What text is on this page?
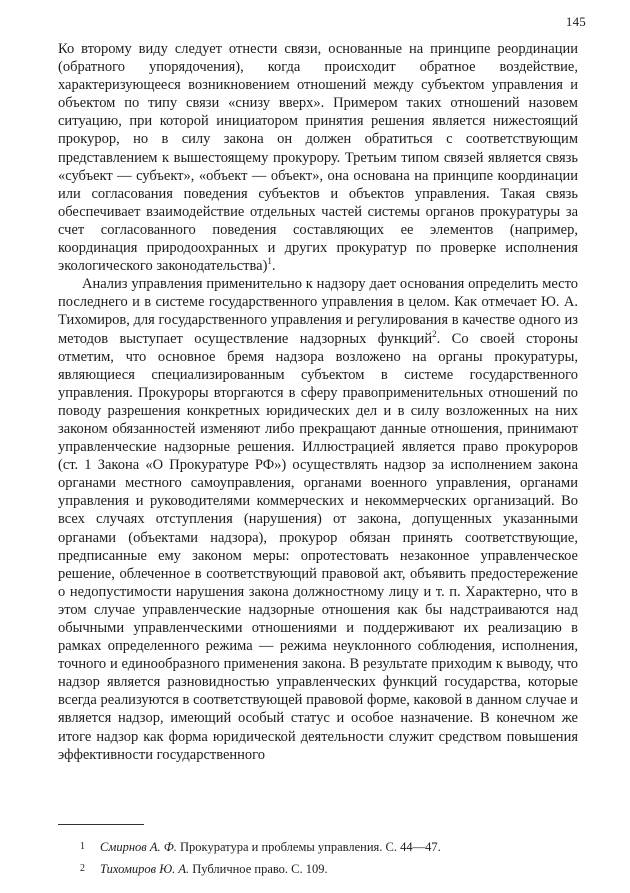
145

Ко второму виду следует отнести связи, основанные на принципе реординации (обратного упорядочения), когда происходит обратное воздействие, характеризующееся возникновением отношений между субъектом управления и объектом по типу связи «снизу вверх». Примером таких отношений назовем ситуацию, при которой инициатором принятия решения является нижестоящий прокурор, но в силу закона он должен обратиться с соответствующим представлением к вышестоящему прокурору. Третьим типом связей является связь «субъект — субъект», «объект — объект», она основана на принципе координации или согласования поведения субъектов и объектов управления. Такая связь обеспечивает взаимодействие отдельных частей системы органов прокуратуры за счет согласованного поведения составляющих ее элементов (например, координация природоохранных и других прокуратур по проверке исполнения экологического законодательства)$^1$.

Анализ управления применительно к надзору дает основания определить место последнего и в системе государственного управления в целом. Как отмечает Ю. А. Тихомиров, для государственного управления и регулирования в качестве одного из методов выступает осуществление надзорных функций$^2$. Со своей стороны отметим, что основное бремя надзора возложено на органы прокуратуры, являющиеся специализированным субъектом в системе государственного управления. Прокуроры вторгаются в сферу правоприменительных отношений по поводу разрешения конкретных юридических дел и в силу возложенных на них законом обязанностей изменяют либо прекращают данные отношения, принимают управленческие надзорные решения. Иллюстрацией является право прокуроров (ст. 1 Закона «О Прокуратуре РФ») осуществлять надзор за исполнением закона органами местного самоуправления, органами военного управления, органами управления и руководителями коммерческих и некоммерческих организаций. Во всех случаях отступления (нарушения) от закона, допущенных указанными органами (объектами надзора), прокурор обязан принять соответствующие, предписанные ему законом меры: опротестовать незаконное управленческое решение, облеченное в соответствующий правовой акт, объявить предостережение о недопустимости нарушения закона должностному лицу и т. п. Характерно, что в этом случае управленческие надзорные отношения как бы надстраиваются над обычными управленческими отношениями и поддерживают их реализацию в рамках определенного режима — режима неуклонного соблюдения, исполнения, точного и единообразного применения закона. В результате приходим к выводу, что надзор является разновидностью управленческих функций государства, которые всегда реализуются в соответствующей правовой форме, каковой в данном случае и является надзор, имеющий особый статус и особое назначение. В конечном же итоге надзор как форма юридической деятельности служит средством повышения эффективности государственного

1 Смирнов А. Ф. Прокуратура и проблемы управления. С. 44—47.
2 Тихомиров Ю. А. Публичное право. С. 109.
